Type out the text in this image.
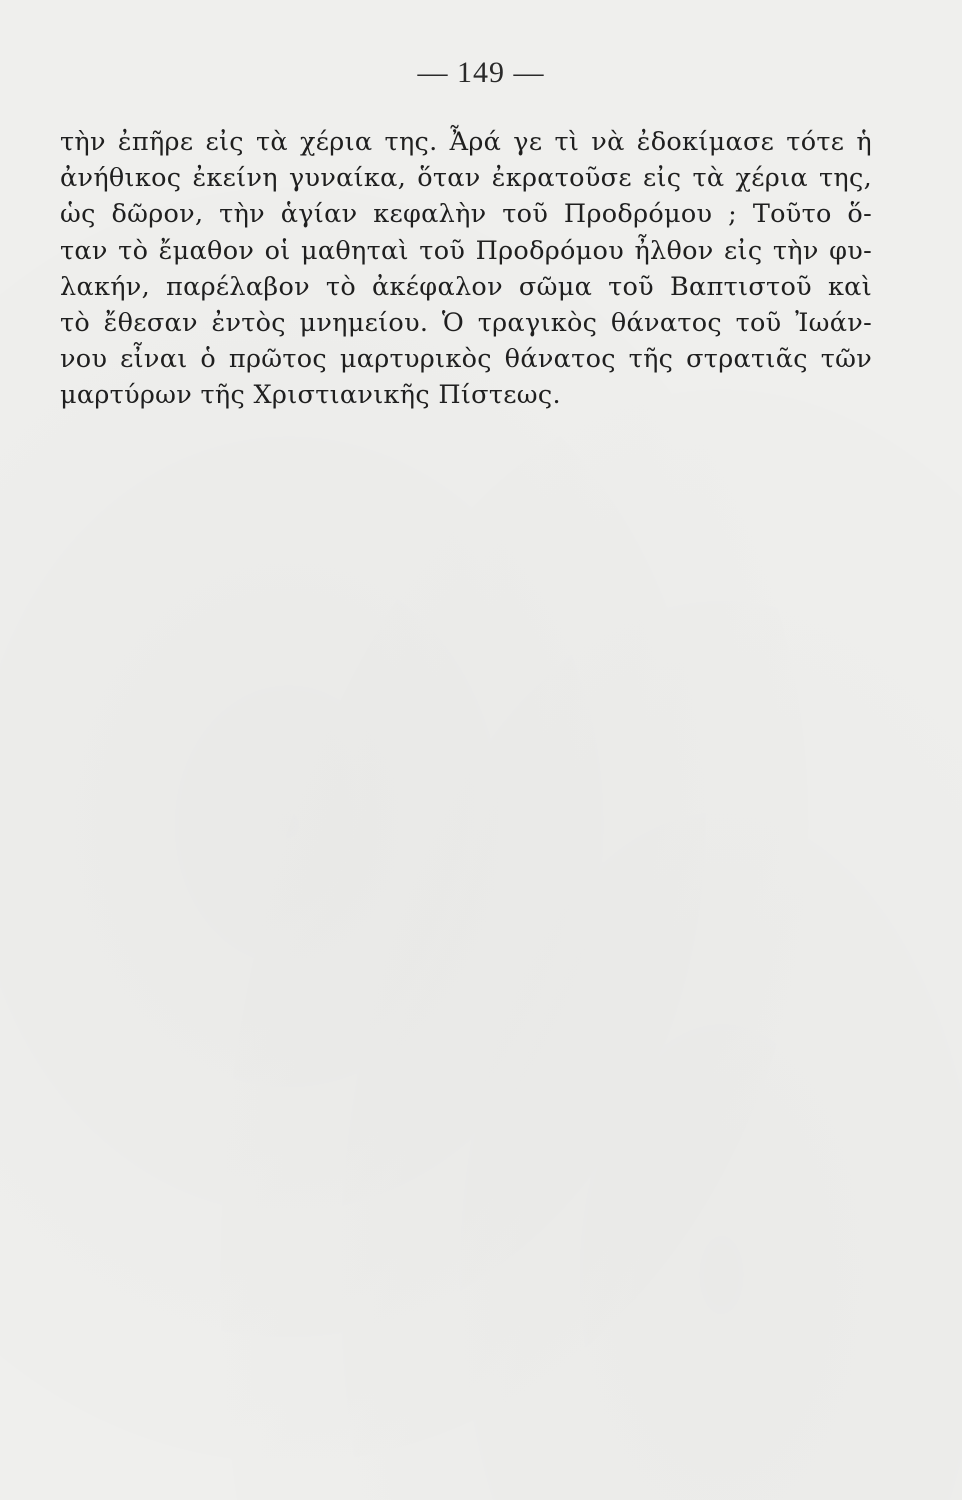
— 149 —
τὴν ἐπῆρε εἰς τὰ χέρια της. Ἆρά γε τὶ νὰ ἐδοκίμασε τότε ἡ
ἀνήθικος ἐκείνη γυναίκα, ὅταν ἐκρατοῦσε εἰς τὰ χέρια της,
ὡς δῶρον, τὴν ἁγίαν κεφαλὴν τοῦ Προδρόμου ; Τοῦτο ὅ-
ταν τὸ ἔμαθον οἱ μαθηταὶ τοῦ Προδρόμου ἦλθον εἰς τὴν φυ-
λακήν, παρέλαβον τὸ ἀκέφαλον σῶμα τοῦ Βαπτιστοῦ καὶ
τὸ ἔθεσαν ἐντὸς μνημείου. Ὁ τραγικὸς θάνατος τοῦ Ἰωάν-
νου εἶναι ὁ πρῶτος μαρτυρικὸς θάνατος τῆς στρατιᾶς τῶν
μαρτύρων τῆς Χριστιανικῆς Πίστεως.
